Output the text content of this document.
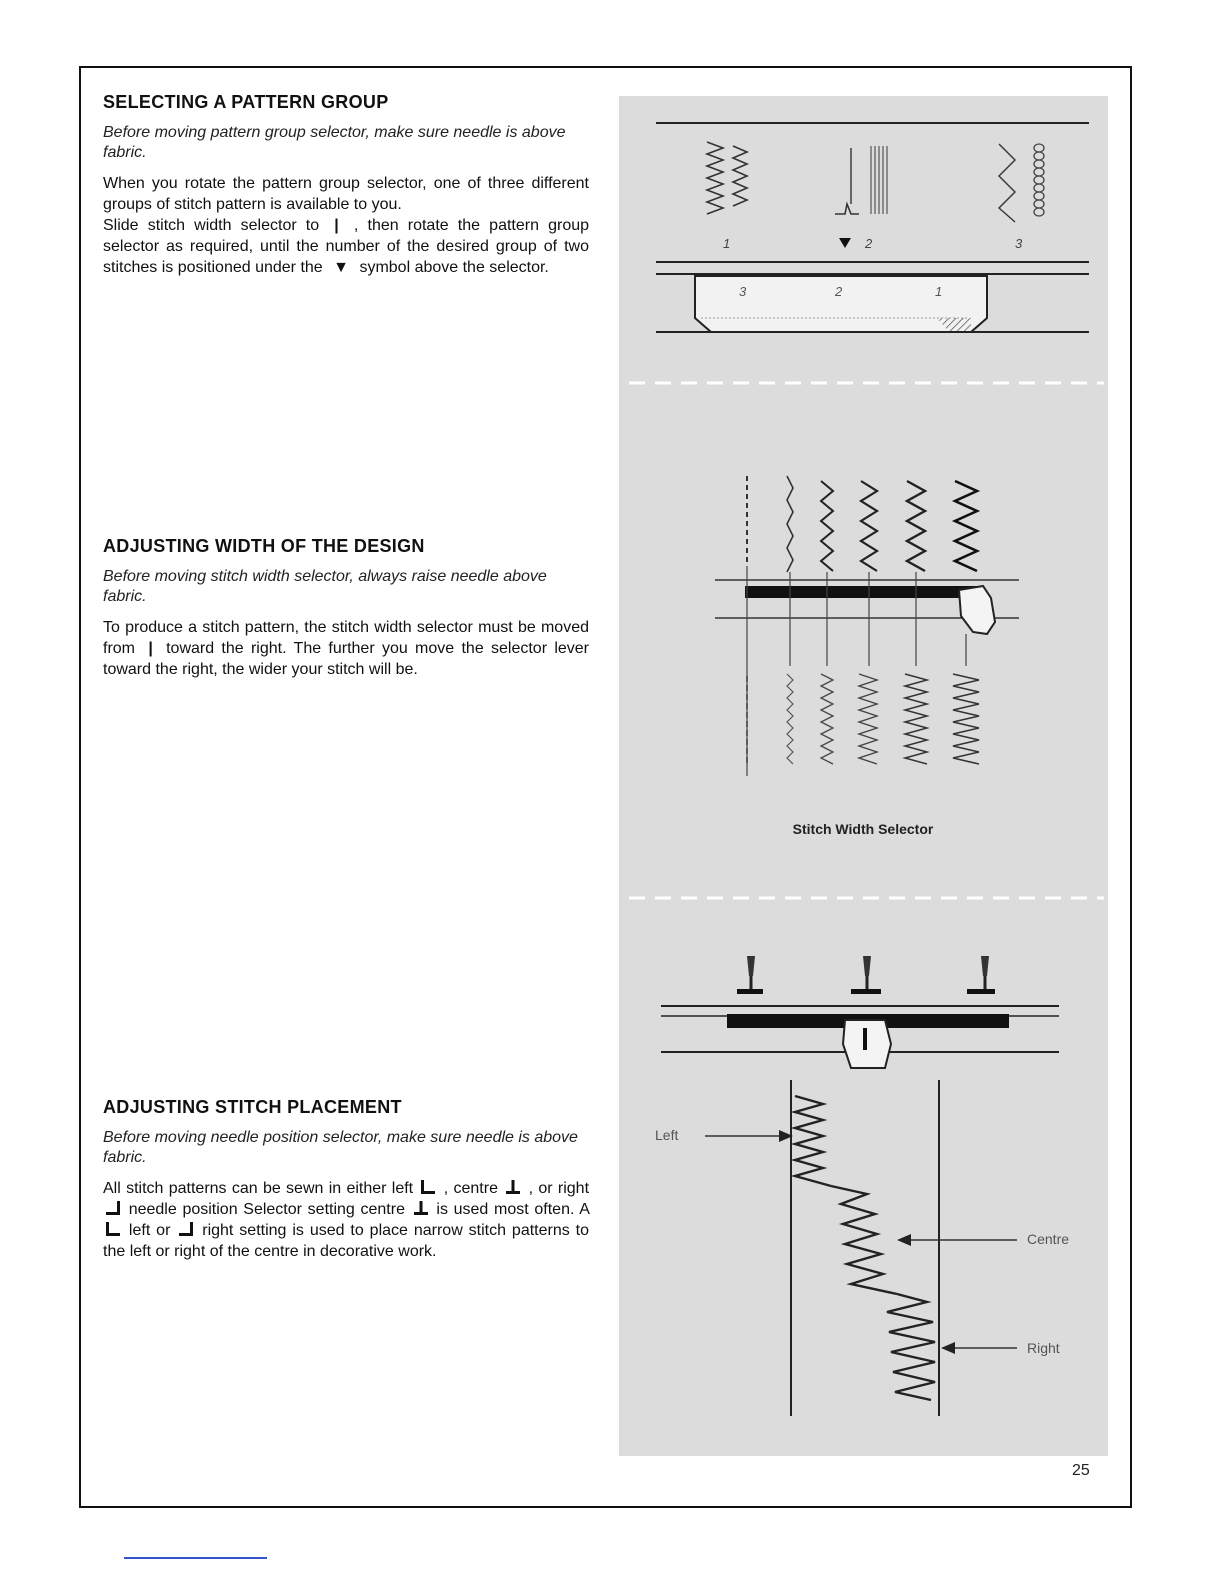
SELECTING A PATTERN GROUP

Before moving pattern group selector, make sure needle is above fabric.

When you rotate the pattern group selector, one of three different groups of stitch pattern is available to you.

Slide stitch width selector to | , then rotate the pattern group selector as required, until the number of the desired group of two stitches is positioned under the ▼ symbol above the selector.

ADJUSTING WIDTH OF THE DESIGN

Before moving stitch width selector, always raise needle above fabric.

To produce a stitch pattern, the stitch width selector must be moved from | toward the right. The further you move the selector lever toward the right, the wider your stitch will be.

ADJUSTING STITCH PLACEMENT

Before moving needle position selector, make sure needle is above fabric.

All stitch patterns can be sewn in either left , centre , or right  needle position Selector setting centre is used most often. A  left or right setting is used to place narrow stitch patterns to the left or right of the centre in decorative work.

1	2	3
3	2	1
Stitch Width Selector
Left
Centre
Right
25
